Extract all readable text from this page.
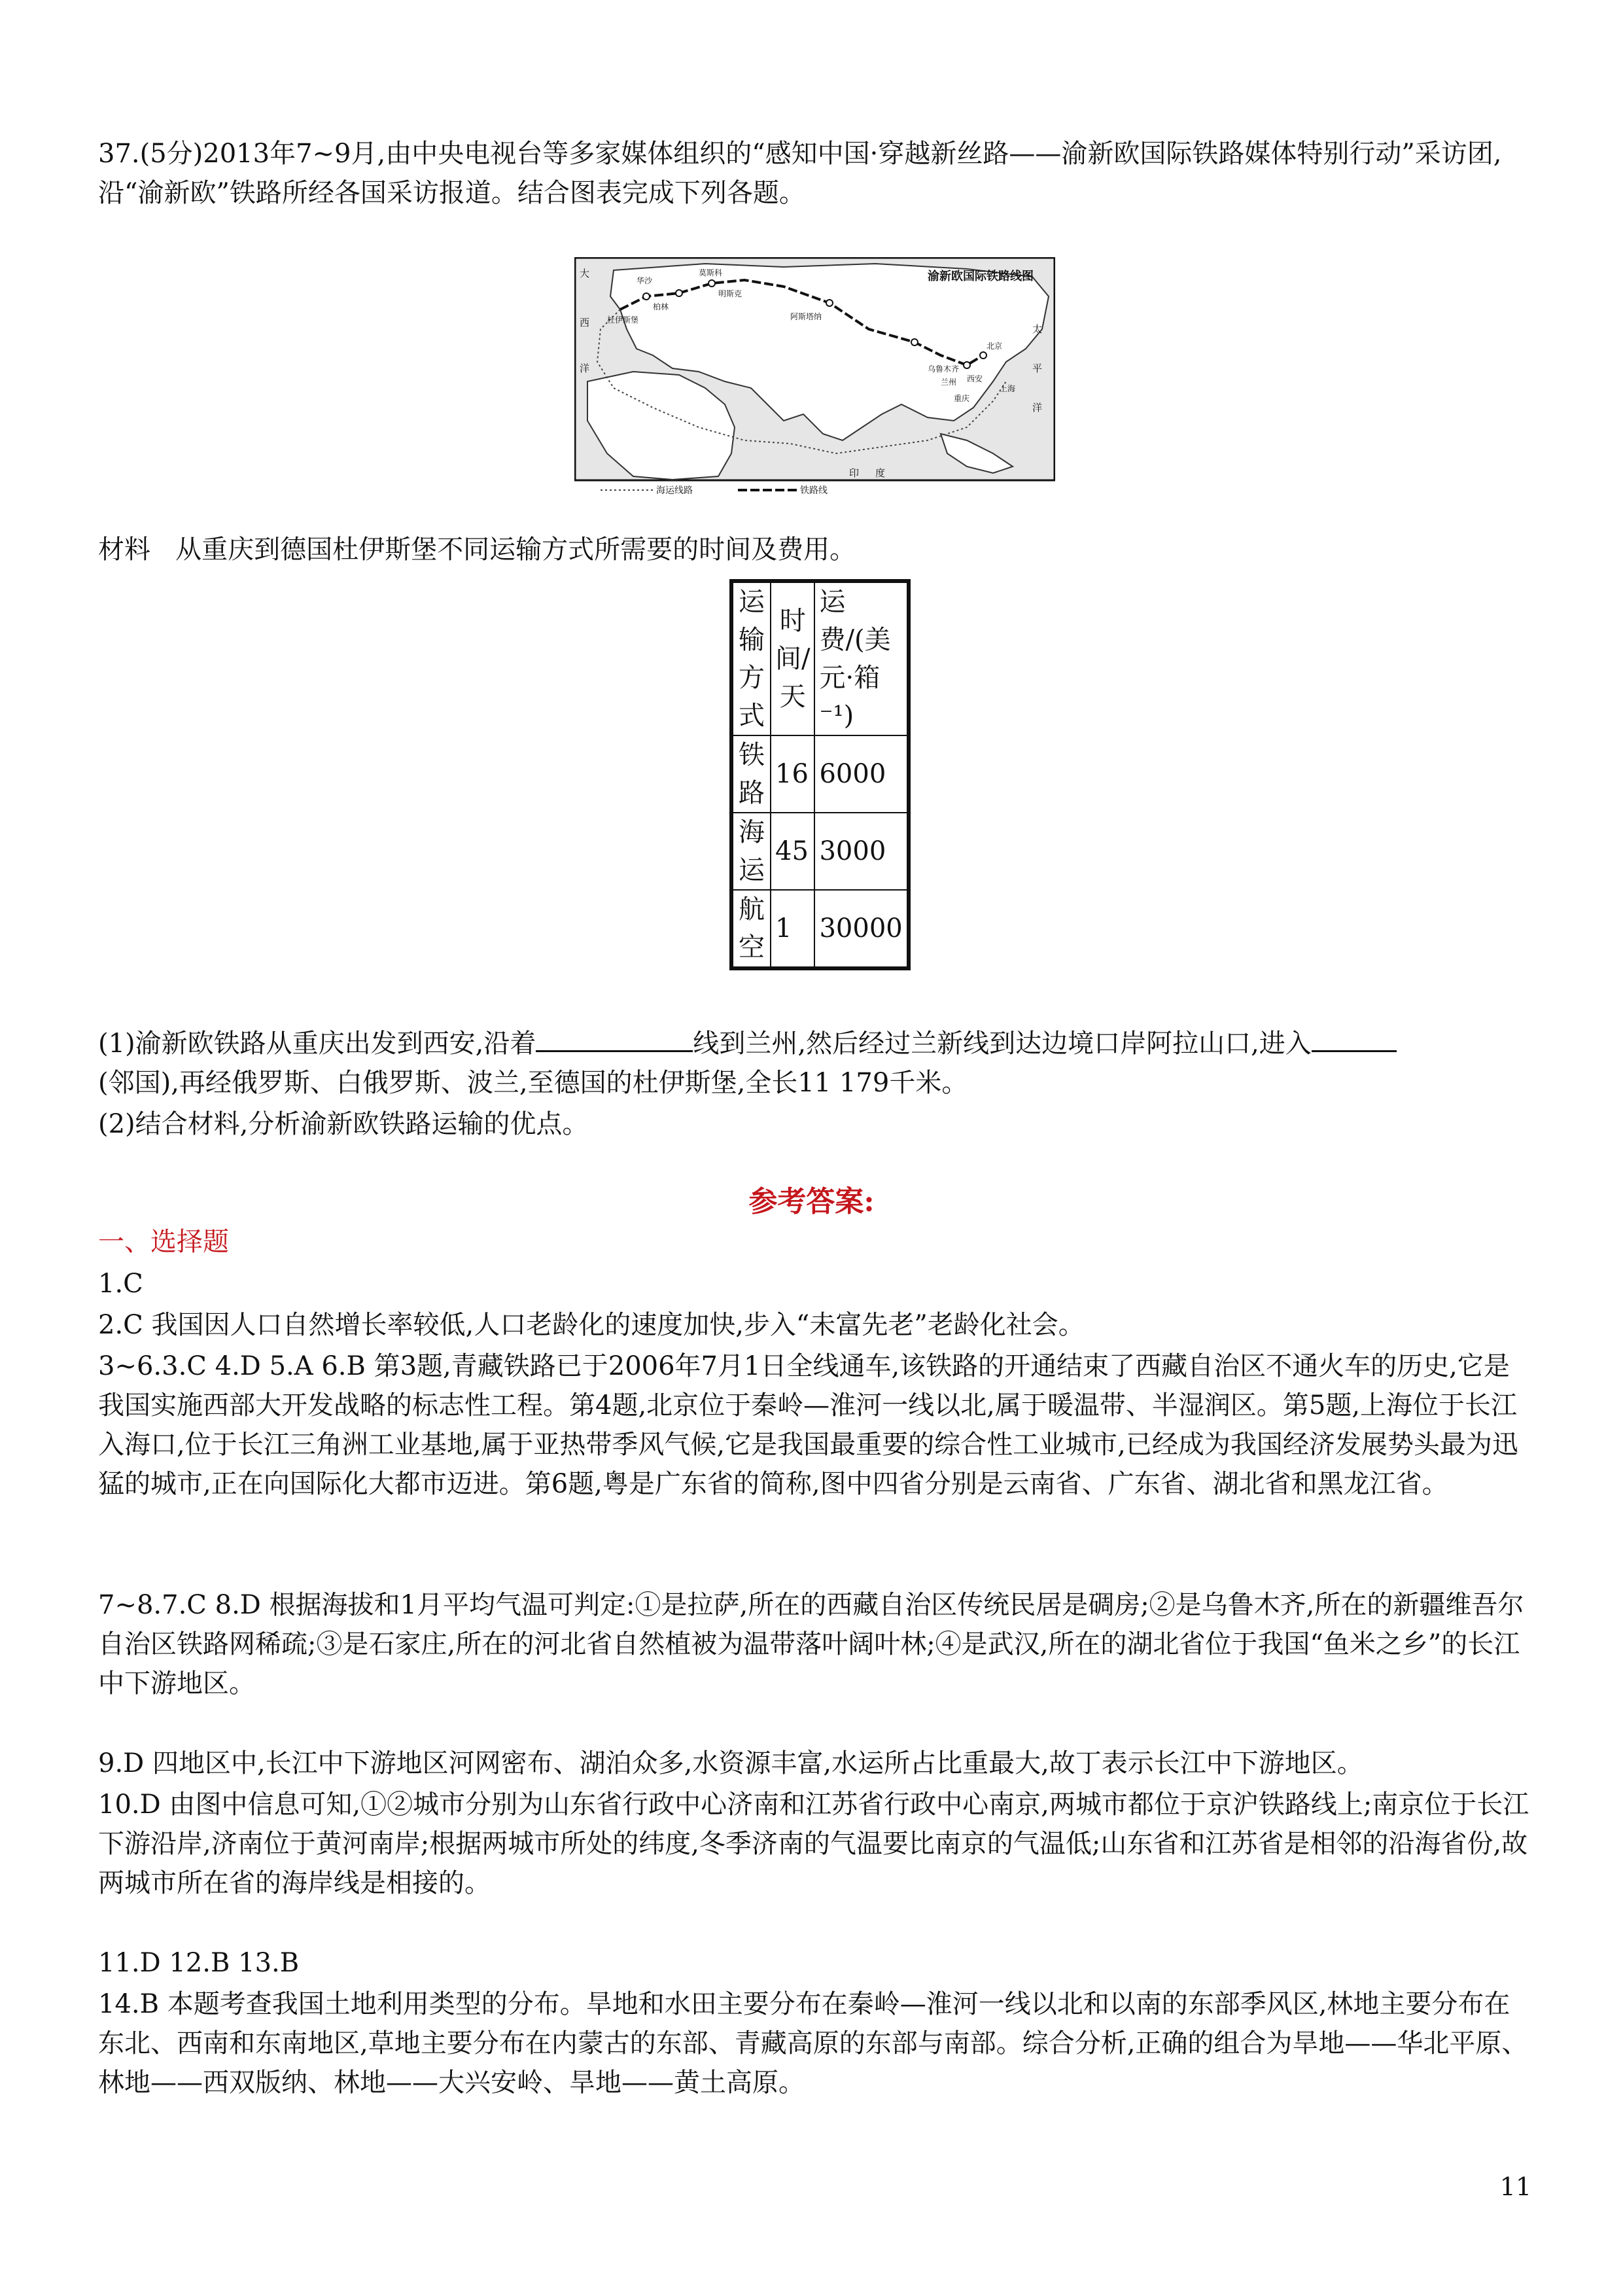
37.(5分)2013年7~9月,由中央电视台等多家媒体组织的“感知中国·穿越新丝路——渝新欧国际铁路媒体特别行动”采访团,沿“渝新欧”铁路所经各国采访报道。结合图表完成下列各题。

渝新欧国际铁路线图
大
西
洋
太
平
洋
印 度
莫斯科
柏林
明斯克
华沙
杜伊斯堡	阿斯塔纳
乌鲁木齐
兰州 西安
重庆
上海
北京
海运线路	铁路线

材料 从重庆到德国杜伊斯堡不同运输方式所需要的时间及费用。

运输方式	时间/天	运费/(美元·箱⁻¹)
铁路	16	6000
海运	45	3000
航空	1	30000

(1)渝新欧铁路从重庆出发到西安,沿着	线到兰州,然后经过兰新线到达边境口岸阿拉山口,进入
(邻国),再经俄罗斯、白俄罗斯、波兰,至德国的杜伊斯堡,全长11 179千米。

(2)结合材料,分析渝新欧铁路运输的优点。

参考答案:

一、选择题

1.C

2.C 我国因人口自然增长率较低,人口老龄化的速度加快,步入“未富先老”老龄化社会。

3~6.3.C 4.D 5.A 6.B 第3题,青藏铁路已于2006年7月1日全线通车,该铁路的开通结束了西藏自治区不通火车的历史,它是我国实施西部大开发战略的标志性工程。第4题,北京位于秦岭—淮河一线以北,属于暖温带、半湿润区。第5题,上海位于长江入海口,位于长江三角洲工业基地,属于亚热带季风气候,它是我国最重要的综合性工业城市,已经成为我国经济发展势头最为迅猛的城市,正在向国际化大都市迈进。第6题,粤是广东省的简称,图中四省分别是云南省、广东省、湖北省和黑龙江省。

7~8.7.C 8.D 根据海拔和1月平均气温可判定:①是拉萨,所在的西藏自治区传统民居是碉房;②是乌鲁木齐,所在的新疆维吾尔自治区铁路网稀疏;③是石家庄,所在的河北省自然植被为温带落叶阔叶林;④是武汉,所在的湖北省位于我国“鱼米之乡”的长江中下游地区。

9.D 四地区中,长江中下游地区河网密布、湖泊众多,水资源丰富,水运所占比重最大,故丁表示长江中下游地区。

10.D 由图中信息可知,①②城市分别为山东省行政中心济南和江苏省行政中心南京,两城市都位于京沪铁路线上;南京位于长江下游沿岸,济南位于黄河南岸;根据两城市所处的纬度,冬季济南的气温要比南京的气温低;山东省和江苏省是相邻的沿海省份,故两城市所在省的海岸线是相接的。

11.D 12.B 13.B

14.B 本题考查我国土地利用类型的分布。旱地和水田主要分布在秦岭—淮河一线以北和以南的东部季风区,林地主要分布在东北、西南和东南地区,草地主要分布在内蒙古的东部、青藏高原的东部与南部。综合分析,正确的组合为旱地——华北平原、林地——西双版纳、林地——大兴安岭、旱地——黄土高原。

11
